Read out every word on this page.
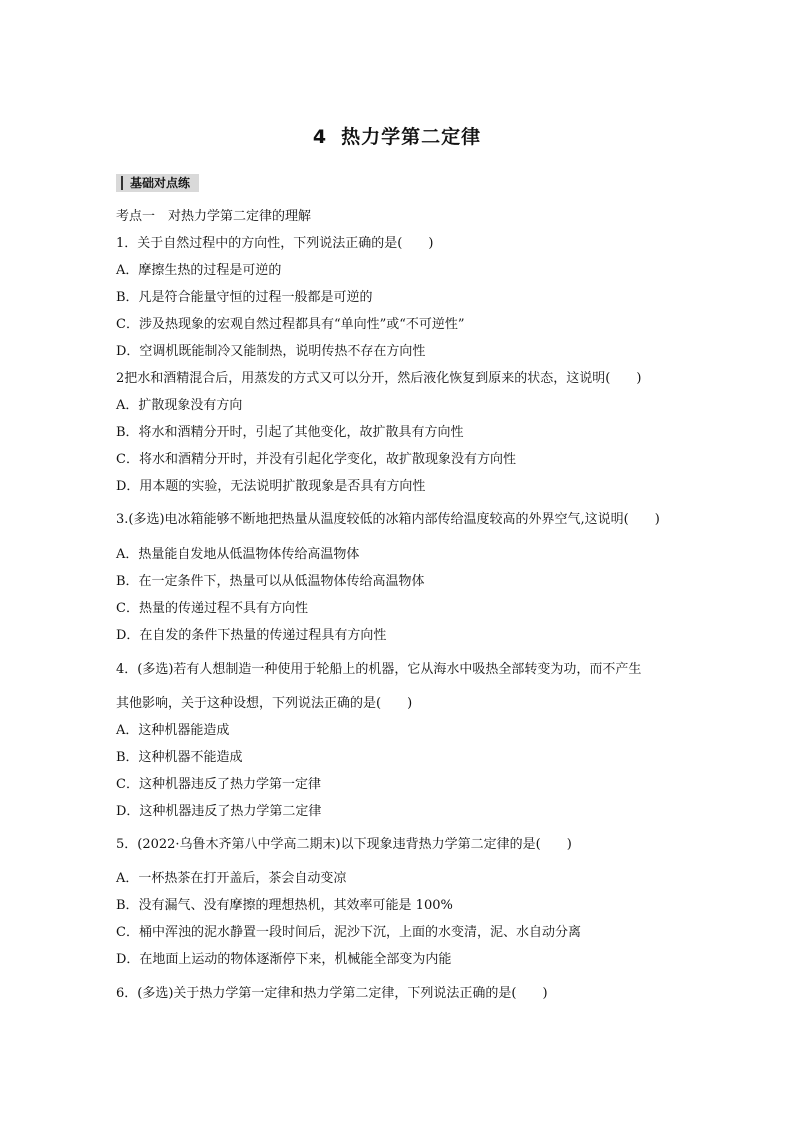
4 热力学第二定律
基础对点练
考点一　对热力学第二定律的理解
1．关于自然过程中的方向性，下列说法正确的是(　　)
A．摩擦生热的过程是可逆的
B．凡是符合能量守恒的过程一般都是可逆的
C．涉及热现象的宏观自然过程都具有“单向性”或“不可逆性”
D．空调机既能制冷又能制热，说明传热不存在方向性
2把水和酒精混合后，用蒸发的方式又可以分开，然后液化恢复到原来的状态，这说明(　　)
A．扩散现象没有方向
B．将水和酒精分开时，引起了其他变化，故扩散具有方向性
C．将水和酒精分开时，并没有引起化学变化，故扩散现象没有方向性
D．用本题的实验，无法说明扩散现象是否具有方向性
3.(多选)电冰箱能够不断地把热量从温度较低的冰箱内部传给温度较高的外界空气,这说明(　　)
A．热量能自发地从低温物体传给高温物体
B．在一定条件下，热量可以从低温物体传给高温物体
C．热量的传递过程不具有方向性
D．在自发的条件下热量的传递过程具有方向性
4．(多选)若有人想制造一种使用于轮船上的机器，它从海水中吸热全部转变为功，而不产生
其他影响，关于这种设想，下列说法正确的是(　　)
A．这种机器能造成
B．这种机器不能造成
C．这种机器违反了热力学第一定律
D．这种机器违反了热力学第二定律
5．(2022·乌鲁木齐第八中学高二期末)以下现象违背热力学第二定律的是(　　)
A．一杯热茶在打开盖后，茶会自动变凉
B．没有漏气、没有摩擦的理想热机，其效率可能是 100%
C．桶中浑浊的泥水静置一段时间后，泥沙下沉，上面的水变清，泥、水自动分离
D．在地面上运动的物体逐渐停下来，机械能全部变为内能
6．(多选)关于热力学第一定律和热力学第二定律，下列说法正确的是(　　)
